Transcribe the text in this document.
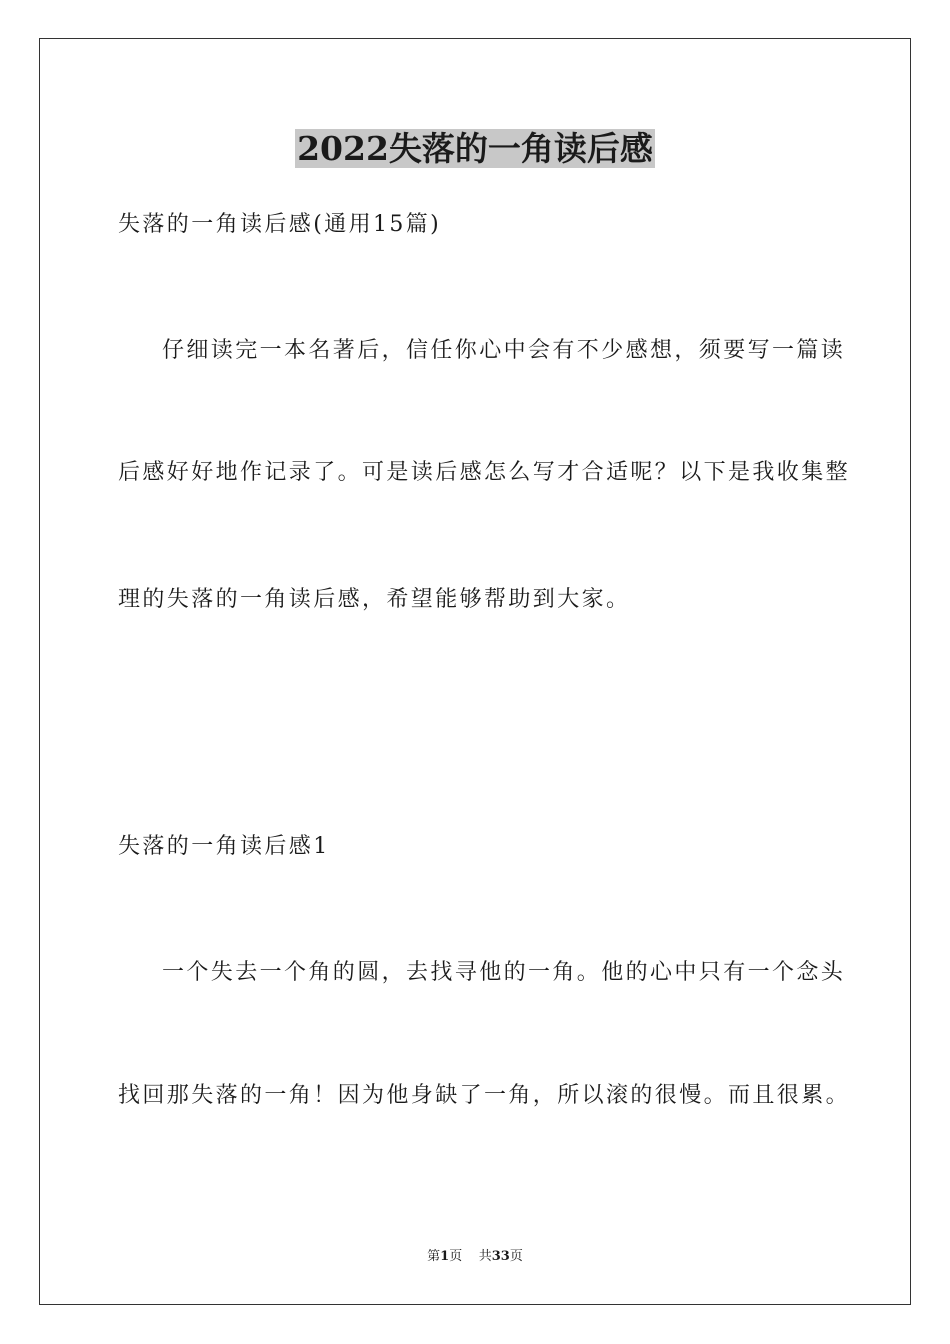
2022失落的一角读后感
失落的一角读后感(通用15篇)
仔细读完一本名著后，信任你心中会有不少感想，须要写一篇读
后感好好地作记录了。可是读后感怎么写才合适呢？以下是我收集整
理的失落的一角读后感，希望能够帮助到大家。
失落的一角读后感1
一个失去一个角的圆，去找寻他的一角。他的心中只有一个念头
找回那失落的一角！因为他身缺了一角，所以滚的很慢。而且很累。
第1页 共33页
